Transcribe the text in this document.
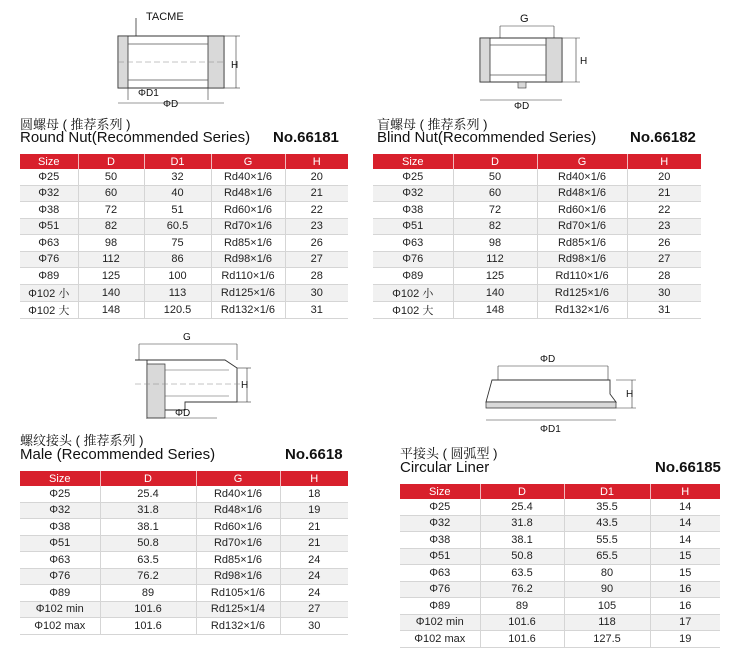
TACME
H
ΦD1
ΦD
圆螺母 ( 推荐系列 )
Round Nut(Recommended Series) No.66181
Size	D	D1	G	H
Φ25	50	32	Rd40×1/6	20
Φ32	60	40	Rd48×1/6	21
Φ38	72	51	Rd60×1/6	22
Φ51	82	60.5	Rd70×1/6	23
Φ63	98	75	Rd85×1/6	26
Φ76	112	86	Rd98×1/6	27
Φ89	125	100	Rd110×1/6	28
Φ102 小	140	113	Rd125×1/6	30
Φ102 大	148	120.5	Rd132×1/6	31
G
H
ΦD
盲螺母 ( 推荐系列 )
Blind Nut(Recommended Series) No.66182
Size	D	G	H
Φ25	50	Rd40×1/6	20
Φ32	60	Rd48×1/6	21
Φ38	72	Rd60×1/6	22
Φ51	82	Rd70×1/6	23
Φ63	98	Rd85×1/6	26
Φ76	112	Rd98×1/6	27
Φ89	125	Rd110×1/6	28
Φ102 小	140	Rd125×1/6	30
Φ102 大	148	Rd132×1/6	31
G
H
ΦD
螺纹接头 ( 推荐系列 )
Male (Recommended Series)	No.6618
Size	D	G	H
Φ25	25.4	Rd40×1/6	18
Φ32	31.8	Rd48×1/6	19
Φ38	38.1	Rd60×1/6	21
Φ51	50.8	Rd70×1/6	21
Φ63	63.5	Rd85×1/6	24
Φ76	76.2	Rd98×1/6	24
Φ89	89	Rd105×1/6	24
Φ102 min	101.6	Rd125×1/4	27
Φ102 max	101.6	Rd132×1/6	30
ΦD
H
ΦD1
平接头 ( 圆弧型 )
Circular Liner	No.66185
Size	D	D1	H
Φ25	25.4	35.5	14
Φ32	31.8	43.5	14
Φ38	38.1	55.5	14
Φ51	50.8	65.5	15
Φ63	63.5	80	15
Φ76	76.2	90	16
Φ89	89	105	16
Φ102 min	101.6	118	17
Φ102 max	101.6	127.5	19
